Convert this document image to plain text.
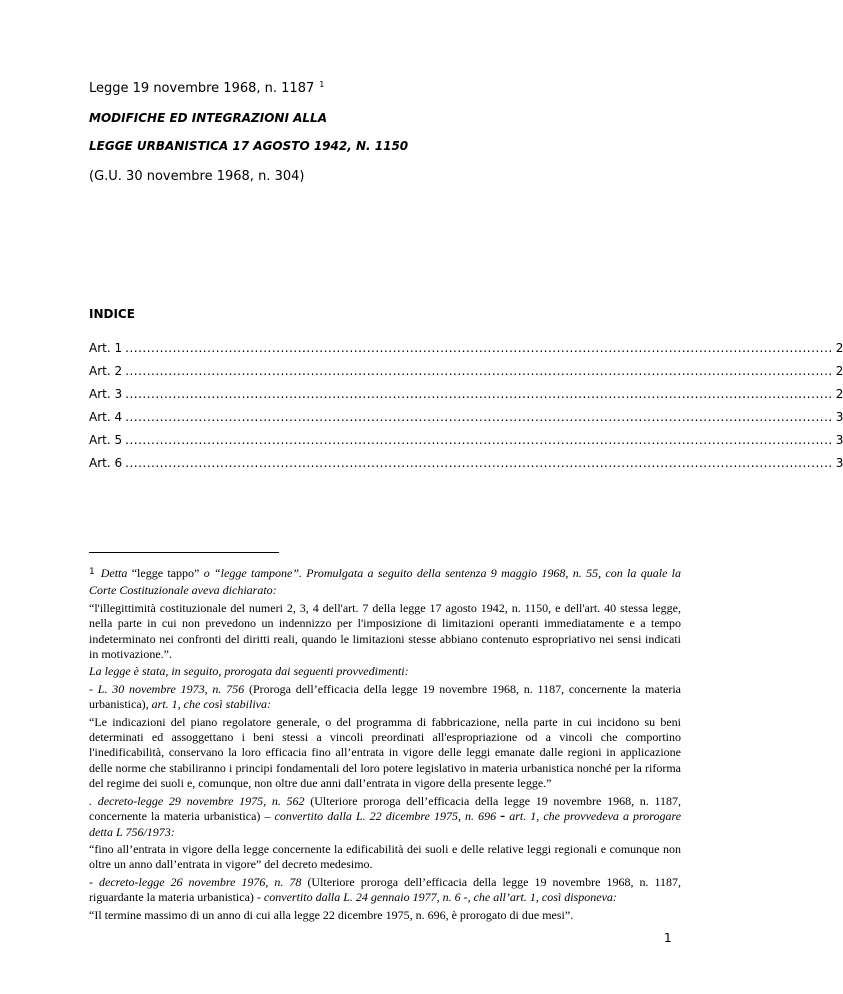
Legge 19 novembre 1968, n. 1187 $^1$
MODIFICHE ED INTEGRAZIONI ALLA
LEGGE URBANISTICA 17 AGOSTO 1942, N. 1150
(G.U. 30 novembre 1968, n. 304)
INDICE
Art. 1 .................................................................................................................................................................... 2
Art. 2 .................................................................................................................................................................... 2
Art. 3 .................................................................................................................................................................... 2
Art. 4 .................................................................................................................................................................... 3
Art. 5 .................................................................................................................................................................... 3
Art. 6 .................................................................................................................................................................... 3

$^1$ Detta “legge tappo” o “legge tampone”. Promulgata a seguito della sentenza 9 maggio 1968, n. 55, con la quale la Corte Costituzionale aveva dichiarato:

“l'illegittimità costituzionale del numeri 2, 3, 4 dell'art. 7 della legge 17 agosto 1942, n. 1150, e dell'art. 40 stessa legge, nella parte in cui non prevedono un indennizzo per l'imposizione di limitazioni operanti immediatamente e a tempo indeterminato nei confronti del diritti reali, quando le limitazioni stesse abbiano contenuto espropriativo nei sensi indicati in motivazione.”.

La legge è stata, in seguito, prorogata dai seguenti provvedimenti:

- L. 30 novembre 1973, n. 756 (Proroga dell’efficacia della legge 19 novembre 1968, n. 1187, concernente la materia urbanistica), art. 1, che così stabiliva:

“Le indicazioni del piano regolatore generale, o del programma di fabbricazione, nella parte in cui incidono su beni determinati ed assoggettano i beni stessi a vincoli preordinati all'espropriazione od a vincoli che comportino l'inedificabilità, conservano la loro efficacia fino all’entrata in vigore delle leggi emanate dalle regioni in applicazione delle norme che stabiliranno i principi fondamentali del loro potere legislativo in materia urbanistica nonché per la riforma del regime dei suoli e, comunque, non oltre due anni dall’entrata in vigore della presente legge.”

. decreto-legge 29 novembre 1975, n. 562 (Ulteriore proroga dell’efficacia della legge 19 novembre 1968, n. 1187, concernente la materia urbanistica) – convertito dalla L. 22 dicembre 1975, n. 696 - art. 1, che provvedeva a prorogare detta L 756/1973:

“fino all’entrata in vigore della legge concernente la edificabilità dei suoli e delle relative leggi regionali e comunque non oltre un anno dall’entrata in vigore” del decreto medesimo.

- decreto-legge 26 novembre 1976, n. 78 (Ulteriore proroga dell’efficacia della legge 19 novembre 1968, n. 1187, riguardante la materia urbanistica) - convertito dalla L. 24 gennaio 1977, n. 6 -, che all’art. 1, così disponeva:

“Il termine massimo di un anno di cui alla legge 22 dicembre 1975, n. 696, è prorogato di due mesi”.

1
